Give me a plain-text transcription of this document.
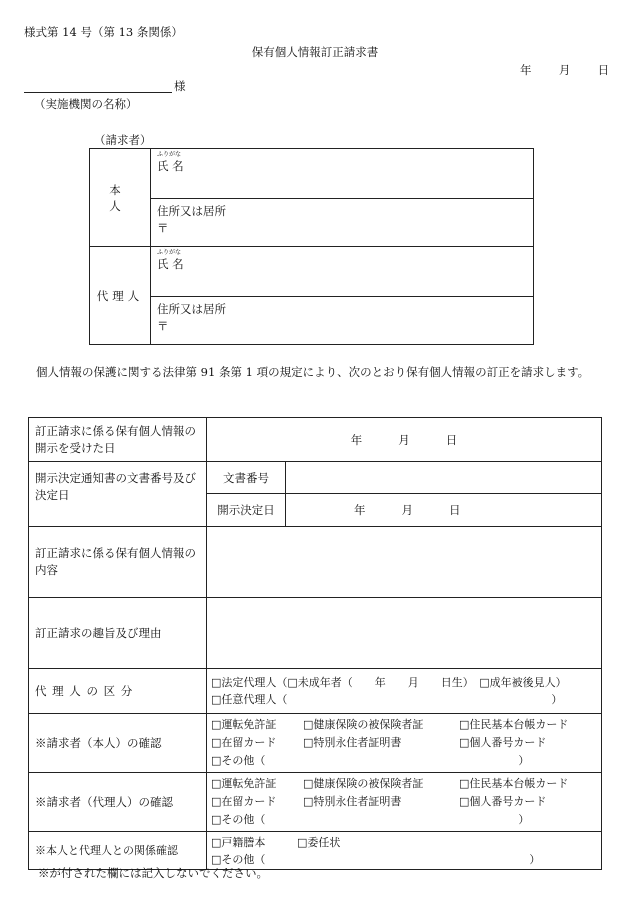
様式第 14 号（第 13 条関係）
保有個人情報訂正請求書
年 月 日
様
（実施機関の名称）
（請求者）
本　人	ふりがな
氏 名

	住所又は居所
〒

代理人	ふりがな
氏 名

	住所又は居所
〒
個人情報の保護に関する法律第 91 条第 1 項の規定により、次のとおり保有個人情報の訂正を請求します。
訂正請求に係る保有個人情報の開示を受けた日	年 月 日	
開示決定通知書の文書番号及び決定日	文書番号	
	開示決定日	年 月 日
訂正請求に係る保有個人情報の内容		
訂正請求の趣旨及び理由		
代 理 人 の 区 分	□法定代理人（□未成年者（　　年　　月　　日生）　□成年被後見人）
□任意代理人（　　　　　　　　　　　　　　　　　　　　　　　　）	

※請求者（本人）の確認	□運転免許証 □健康保険の被保険者証 □住民基本台帳カード
□在留カード □特別永住者証明書 □個人番号カード
□その他（　　　　　　　　　　　　　　　　　　　　　　　）	

※請求者（代理人）の確認	□運転免許証 □健康保険の被保険者証 □住民基本台帳カード
□在留カード □特別永住者証明書 □個人番号カード
□その他（　　　　　　　　　　　　　　　　　　　　　　　）	

※本人と代理人との関係確認	□戸籍謄本 □委任状
□その他（　　　　　　　　　　　　　　　　　　　　　　　　）	
※が付された欄には記入しないでください。
